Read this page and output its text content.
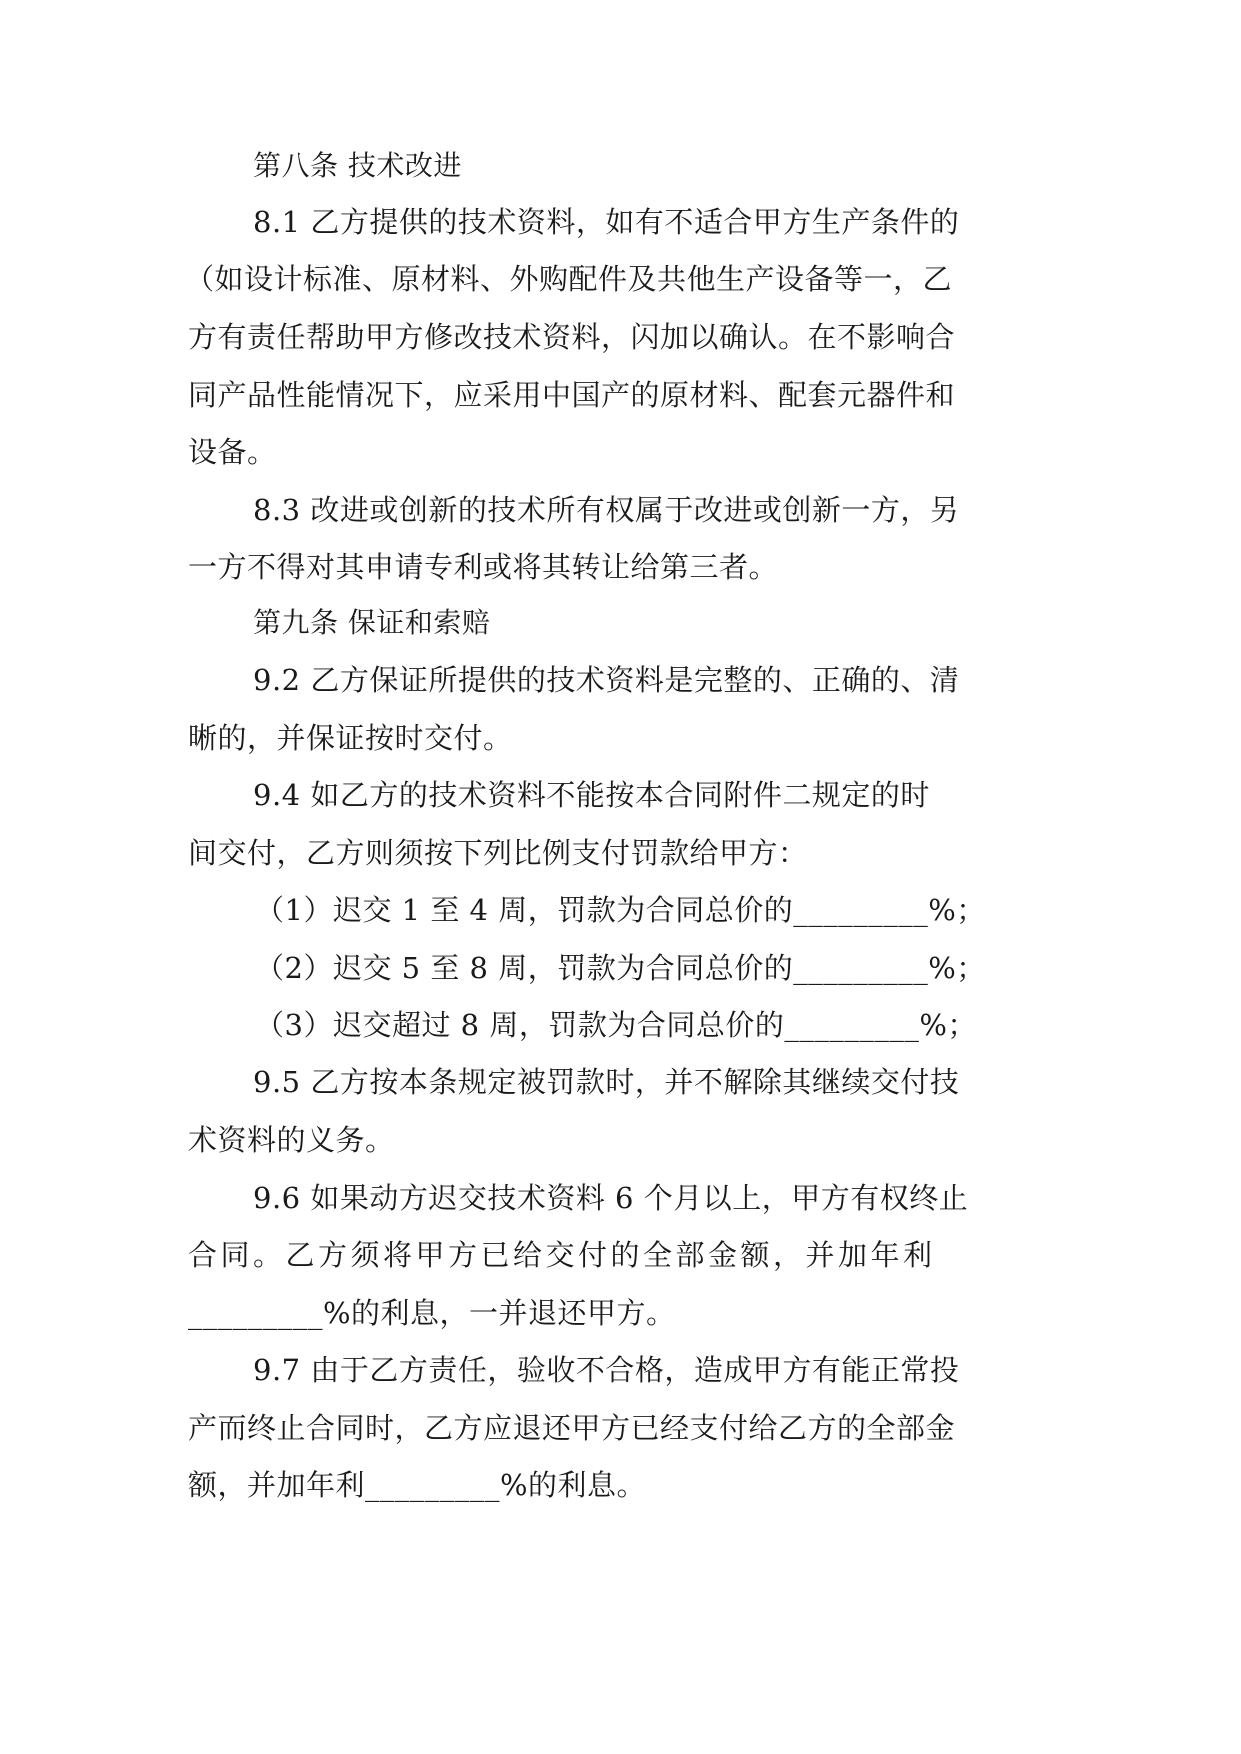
第八条 技术改进
8.1 乙方提供的技术资料，如有不适合甲方生产条件的
（如设计标准、原材料、外购配件及共他生产设备等一，乙
方有责任帮助甲方修改技术资料，闪加以确认。在不影响合
同产品性能情况下，应采用中国产的原材料、配套元器件和
设备。
8.3 改进或创新的技术所有权属于改进或创新一方，另
一方不得对其申请专利或将其转让给第三者。
第九条 保证和索赔
9.2 乙方保证所提供的技术资料是完整的、正确的、清
晰的，并保证按时交付。
9.4 如乙方的技术资料不能按本合同附件二规定的时
间交付，乙方则须按下列比例支付罚款给甲方：
（1）迟交 1 至 4 周，罚款为合同总价的_________%；
（2）迟交 5 至 8 周，罚款为合同总价的_________%；
（3）迟交超过 8 周，罚款为合同总价的_________%；
9.5 乙方按本条规定被罚款时，并不解除其继续交付技
术资料的义务。
9.6 如果动方迟交技术资料 6 个月以上，甲方有权终止
合同。乙方须将甲方已给交付的全部金额，并加年利
_________%的利息，一并退还甲方。
9.7 由于乙方责任，验收不合格，造成甲方有能正常投
产而终止合同时，乙方应退还甲方已经支付给乙方的全部金
额，并加年利_________%的利息。
